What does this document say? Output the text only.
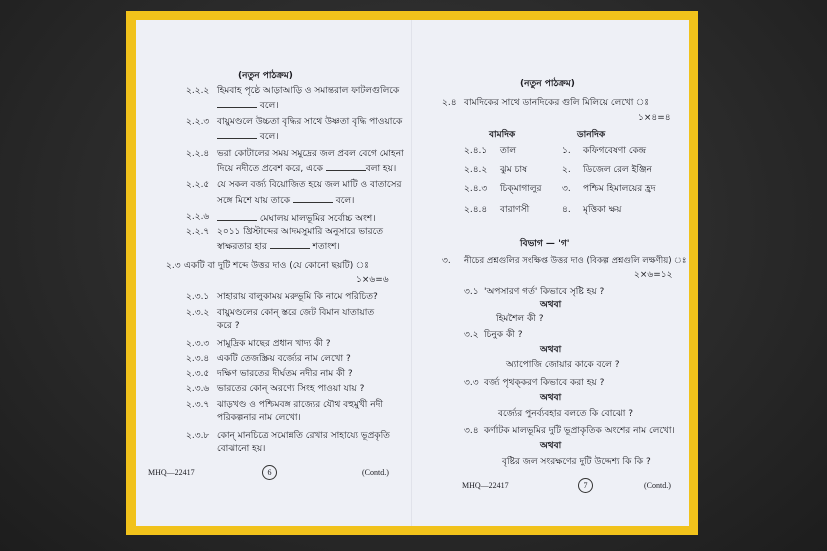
(নতুন পাঠক্রম)
২.২.২ হিমবাহ পৃষ্ঠে আড়াআড়ি ও সমান্তরাল ফাটলগুলিকে
বলে।
২.২.৩ বায়ুমণ্ডলে উচ্চতা বৃদ্ধির সাথে উষ্ণতা বৃদ্ধি পাওয়াকে
বলে।
২.২.৪ ভরা কোটালের সময় সমুদ্রের জল প্রবল বেগে মোহনা
দিয়ে নদীতে প্রবেশ করে, একে	বলা হয়।
২.২.৫ যে সকল বর্জ্য বিয়োজিত হয়ে জল মাটি ও বাতাসের
সঙ্গে মিশে যায় তাকে	বলে।
২.২.৬	মেঘালয় মালভূমির সর্বোচ্চ অংশ।
২.২.৭ ২০১১ খ্রিস্টাব্দের আদমসুমারি অনুসারে ভারতে
স্বাক্ষরতার হার	শতাংশ।
২.৩ একটি বা দুটি শব্দে উত্তর দাও (যে কোনো ছয়টি) ঃ
১×৬=৬
২.৩.১ সাহারায় বালুকাময় মরুভূমি কি নামে পরিচিত?
২.৩.২ বায়ুমণ্ডলের কোন্‌ স্তরে জেট বিমান যাতায়াত
করে ?
২.৩.৩ সামুদ্রিক মাছের প্রধান খাদ্য কী ?
২.৩.৪ একটি তেজস্ক্রিয় বর্জ্যের নাম লেখো ?
২.৩.৫ দক্ষিণ ভারতের দীর্ঘতম নদীর নাম কী ?
২.৩.৬ ভারতের কোন্‌ অরণ্যে সিংহ পাওয়া যায় ?
২.৩.৭ ঝাড়খণ্ড ও পশ্চিমবঙ্গ রাজ্যের যৌথ বহুমুখী নদী
পরিকল্পনার নাম লেখো।
২.৩.৮ কোন্‌ মানচিত্রে সমোন্নতি রেখার সাহায্যে ভূপ্রকৃতি
বোঝানো হয়।
MHQ—22417	6	(Contd.)
(নতুন পাঠক্রম)
২.৪ বামদিকের সাথে ডানদিকের গুলি মিলিয়ে লেখো ঃ
১×৪=৪
বামদিক	ডানদিক
২.৪.১ তাল	১. কফিগবেষণা কেন্দ্র
২.৪.২ ঝুম চাষ	২. ডিজেল রেল ইঞ্জিন
২.৪.৩ চিক্‌মাগালুর ৩. পশ্চিম হিমালয়ের হ্রদ
২.৪.৪ বারাণসী	৪. মৃত্তিকা ক্ষয়
বিভাগ — 'গ'
৩. নীচের প্রশ্নগুলির সংক্ষিপ্ত উত্তর দাও (বিকল্প প্রশ্নগুলি লক্ষণীয়) ঃ
২×৬=১২
৩.১ 'অপসারণ গর্ত' কিভাবে সৃষ্টি হয় ?
অথবা
হিমশৈল কী ?
৩.২ চিনুক কী ?
অথবা
অ্যাপোজি জোয়ার কাকে বলে ?
৩.৩ বর্জ্য পৃথক্‌করণ কিভাবে করা হয় ?
অথবা
বর্জ্যের পুনর্ব্যবহার বলতে কি বোঝো ?
৩.৪ কর্ণাটক মালভূমির দুটি ভূপ্রাকৃতিক অংশের নাম লেখো।
অথবা
বৃষ্টির জল সংরক্ষণের দুটি উদ্দেশ্য কি কি ?
MHQ—22417	7	(Contd.)
